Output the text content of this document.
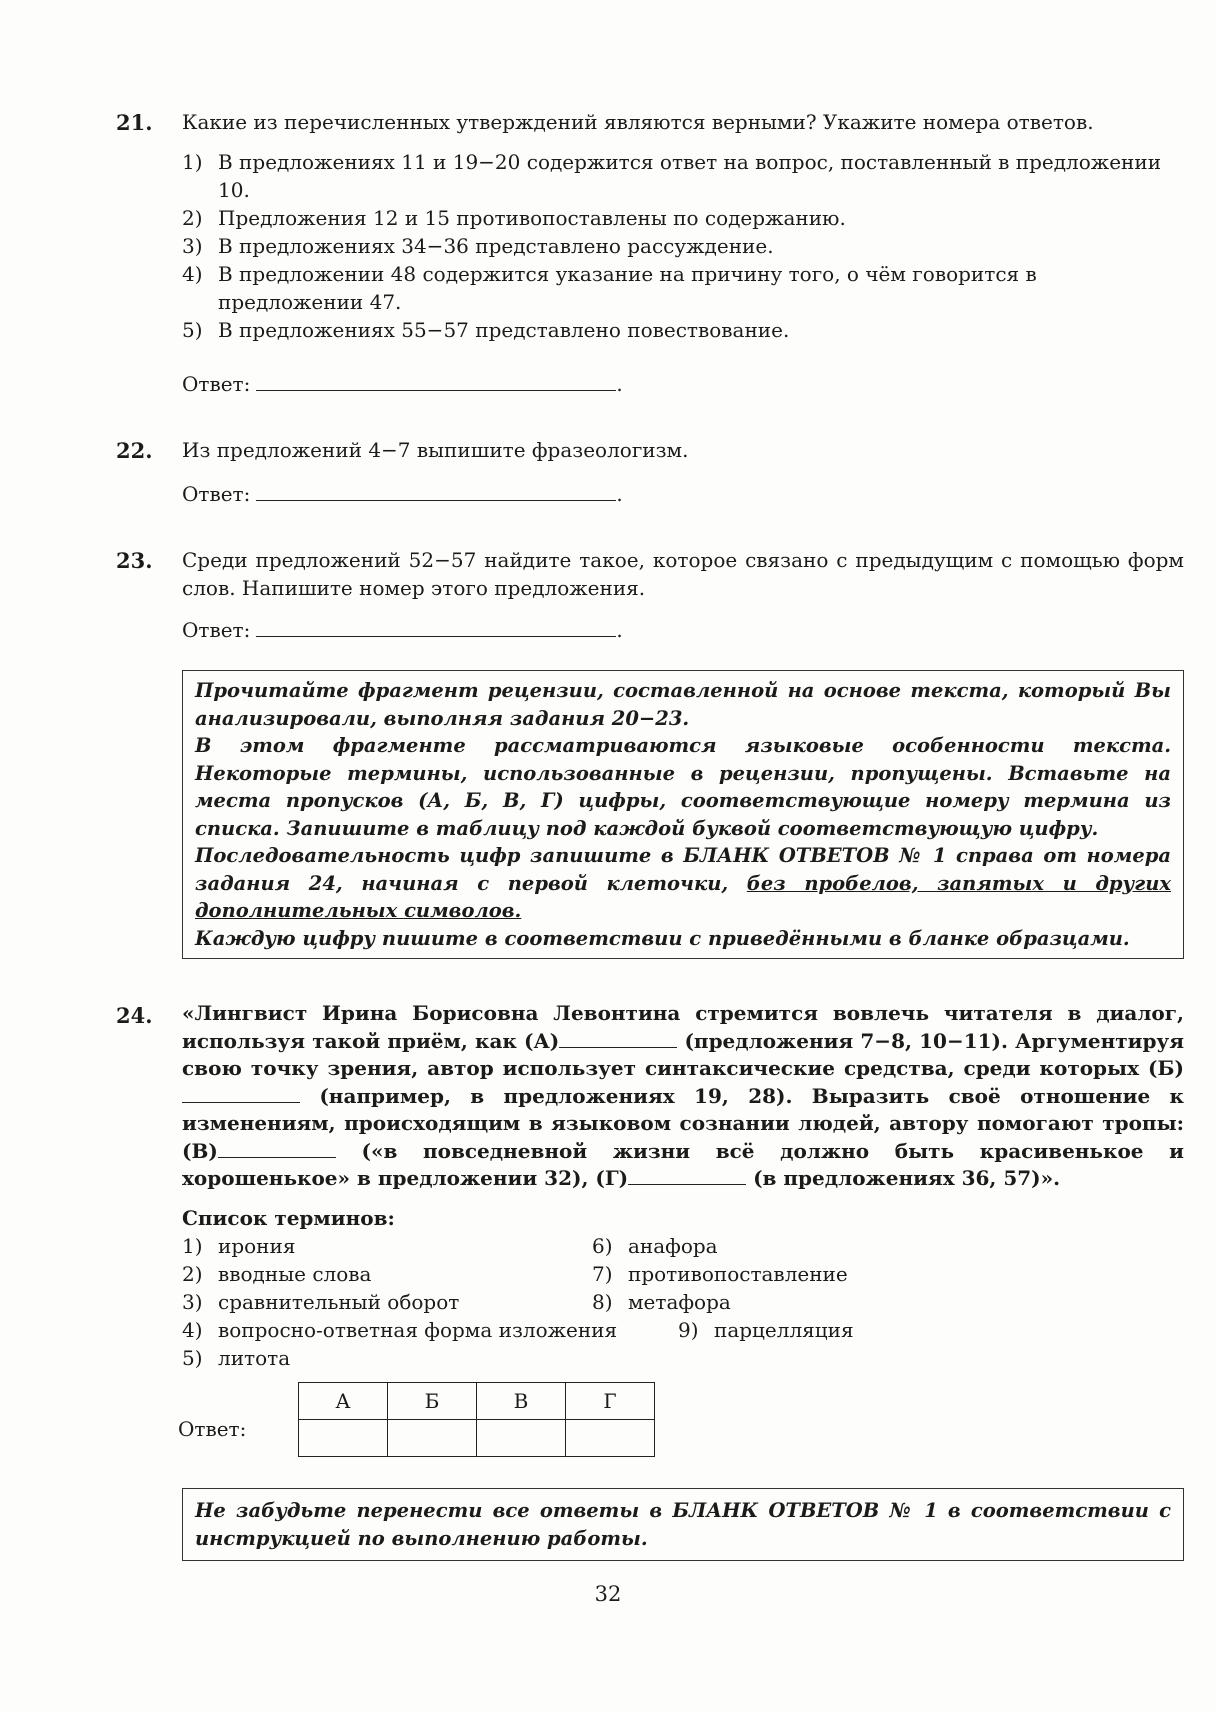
21. Какие из перечисленных утверждений являются верными? Укажите номера ответов.
1) В предложениях 11 и 19−20 содержится ответ на вопрос, поставленный в предложении 10.
2) Предложения 12 и 15 противопоставлены по содержанию.
3) В предложениях 34−36 представлено рассуждение.
4) В предложении 48 содержится указание на причину того, о чём говорится в предложении 47.
5) В предложениях 55−57 представлено повествование.
Ответ:	.
22. Из предложений 4−7 выпишите фразеологизм.
Ответ:	.
23. Среди предложений 52−57 найдите такое, которое связано с предыдущим с помощью форм слов. Напишите номер этого предложения.
Ответ:	.

Прочитайте фрагмент рецензии, составленной на основе текста, который Вы анализировали, выполняя задания 20−23.

В этом фрагменте рассматриваются языковые особенности текста. Некоторые термины, использованные в рецензии, пропущены. Вставьте на места пропусков (А, Б, В, Г) цифры, соответствующие номеру термина из списка. Запишите в таблицу под каждой буквой соответствующую цифру.

Последовательность цифр запишите в БЛАНК ОТВЕТОВ № 1 справа от номера задания 24, начиная с первой клеточки, без пробелов, запятых и других дополнительных символов.

Каждую цифру пишите в соответствии с приведёнными в бланке образцами.

24. «Лингвист Ирина Борисовна Левонтина стремится вовлечь читателя в диалог, используя такой приём, как (А)	(предложения 7−8, 10−11). Аргументируя свою точку зрения, автор использует синтаксические средства, среди которых (Б) (например, в предложениях 19, 28). Выразить своё отношение к изменениям, происходящим в языковом сознании людей, автору помогают тропы: (В)	(«в повседневной жизни всё должно быть красивенькое и хорошенькое» в предложении 32), (Г)	(в предложениях 36, 57)».
Список терминов:
1) ирония	6) анафора
2) вводные слова	7) противопоставление
3) сравнительный оборот	8) метафора
4) вопросно-ответная форма изложения	9) парцелляция
5) литота
Ответ:
А	Б	В	Г

Не забудьте перенести все ответы в БЛАНК ОТВЕТОВ № 1 в соответствии с инструкцией по выполнению работы.

32
